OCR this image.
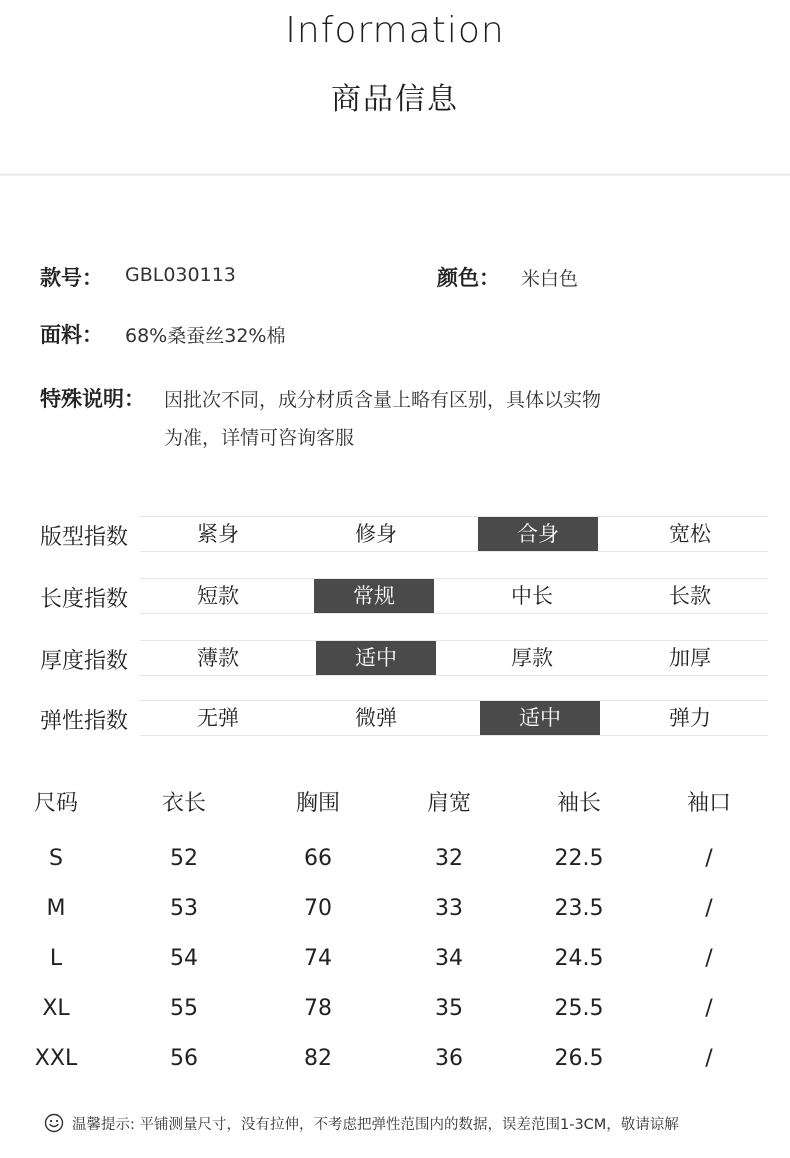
Information
商品信息
款号： GBL030113	颜色： 米白色
面料： 68%桑蚕丝32%棉
特殊说明： 因批次不同，成分材质含量上略有区别，具体以实物
为准，详情可咨询客服
版型指数	紧身	修身	合身	宽松
长度指数	短款	常规	中长	长款
厚度指数	薄款	适中	厚款	加厚
弹性指数	无弹	微弹	适中	弹力
尺码	衣长	胸围	肩宽	袖长	袖口
S	52	66	32	22.5	/
M	53	70	33	23.5	/
L	54	74	34	24.5	/
XL	55	78	35	25.5	/
XXL	56	82	36	26.5	/
温馨提示: 平铺测量尺寸，没有拉伸，不考虑把弹性范围内的数据，误差范围1-3CM，敬请谅解
